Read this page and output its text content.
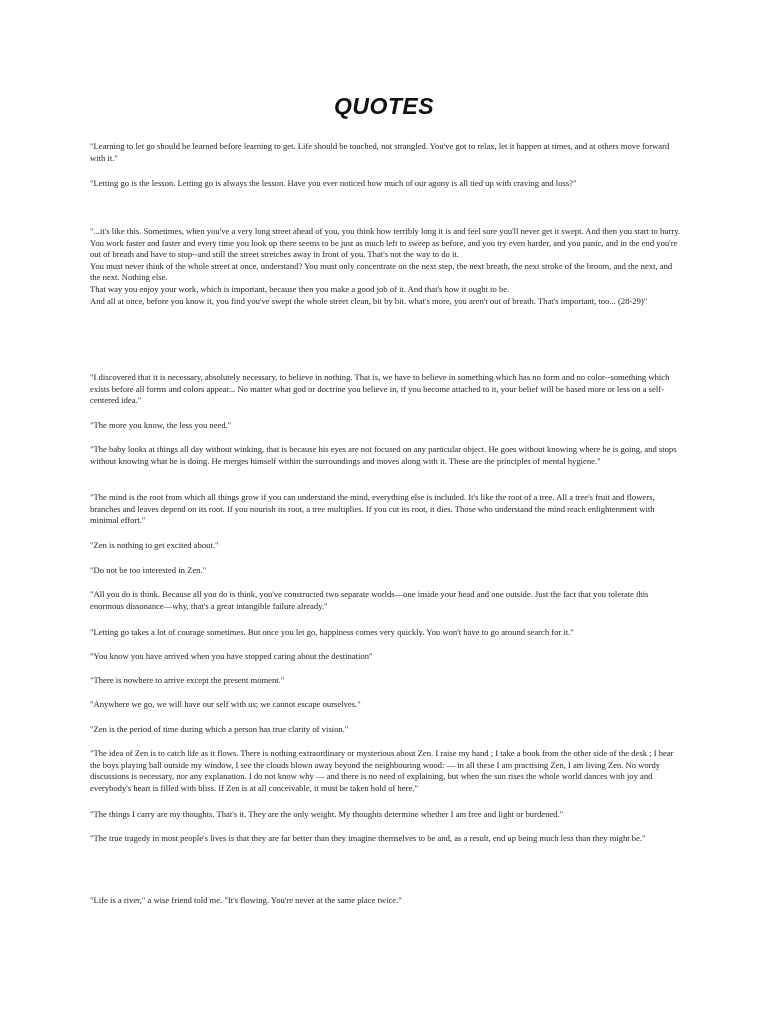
QUOTES
"Learning to let go should be learned before learning to get. Life should be touched, not strangled. You've got to relax, let it happen at times, and at others move forward with it."
"Letting go is the lesson. Letting go is always the lesson. Have you ever noticed how much of our agony is all tied up with craving and loss?"
"...it's like this. Sometimes, when you've a very long street ahead of you, you think how terribly long it is and feel sure you'll never get it swept. And then you start to hurry. You work faster and faster and every time you look up there seems to be just as much left to sweep as before, and you try even harder, and you panic, and in the end you're out of breath and have to stop--and still the street stretches away in front of you. That's not the way to do it.
You must never think of the whole street at once, understand? You must only concentrate on the next step, the next breath, the next stroke of the broom, and the next, and the next. Nothing else.
That way you enjoy your work, which is important, because then you make a good job of it. And that's how it ought to be.
And all at once, before you know it, you find you've swept the whole street clean, bit by bit. what's more, you aren't out of breath. That's important, too... (28-29)"
"I discovered that it is necessary, absolutely necessary, to believe in nothing. That is, we have to believe in something which has no form and no color--something which exists before all forms and colors appear... No matter what god or doctrine you believe in, if you become attached to it, your belief will be based more or less on a self-centered idea."
"The more you know, the less you need."
"The baby looks at things all day without winking, that is because his eyes are not focused on any particular object. He goes without knowing where he is going, and stops without knowing what he is doing. He merges himself within the surroundings and moves along with it. These are the principles of mental hygiene."
"The mind is the root from which all things grow if you can understand the mind, everything else is included. It's like the root of a tree. All a tree's fruit and flowers, branches and leaves depend on its root. If you nourish its root, a tree multiplies. If you cut its root, it dies. Those who understand the mind reach enlightenment with minimal effort."
"Zen is nothing to get excited about."
"Do not be too interested in Zen."
"All you do is think. Because all you do is think, you've constructed two separate worlds—one inside your head and one outside. Just the fact that you tolerate this enormous dissonance—why, that's a great intangible failure already."
"Letting go takes a lot of courage sometimes. But once you let go, happiness comes very quickly. You won't have to go around search for it."
"You know you have arrived when you have stopped caring about the destination"
"There is nowhere to arrive except the present moment."
"Anywhere we go, we will have our self with us; we cannot escape ourselves."
"Zen is the period of time during which a person has true clarity of vision."
"The idea of Zen is to catch life as it flows. There is nothing extraordinary or mysterious about Zen. I raise my hand ; I take a book from the other side of the desk ; I hear the boys playing ball outside my window, I see the clouds blown away beyond the neighbouring wood: — in all these I am practising Zen, I am living Zen. No wordy discussions is necessary, nor any explanation. I do not know why — and there is no need of explaining, but when the sun rises the whole world dances with joy and everybody's heart is filled with bliss. If Zen is at all conceivable, it must be taken hold of here."
"The things I carry are my thoughts. That's it. They are the only weight. My thoughts determine whether I am free and light or burdened."
"The true tragedy in most people's lives is that they are far better than they imagine themselves to be and, as a result, end up being much less than they might be."
"Life is a river," a wise friend told me. "It's flowing. You're never at the same place twice."
